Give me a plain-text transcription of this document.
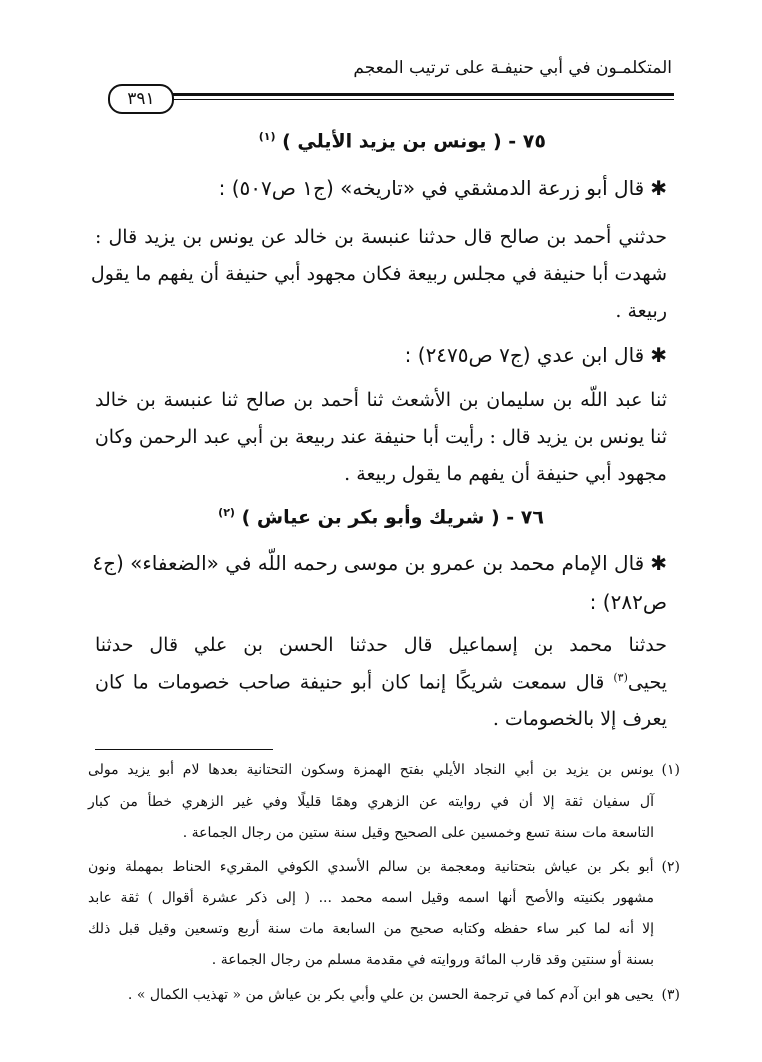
المتكلمـون في أبي حنيفـة على ترتيب المعجم
٣٩١
٧٥ - ( يونس بن يزيد الأيلي ) $^{(١)}$
✱قال أبو زرعة الدمشقي في «تاريخه» (ج١ ص٥٠٧) :
حدثني أحمد بن صالح قال حدثنا عنبسة بن خالد عن يونس بن يزيد قال :
شهدت أبا حنيفة في مجلس ربيعة فكان مجهود أبي حنيفة أن يفهم ما يقول
ربيعة .
✱قال ابن عدي (ج٧ ص٢٤٧٥) :
ثنا عبد اللّه بن سليمان بن الأشعث ثنا أحمد بن صالح ثنا عنبسة بن خالد
ثنا يونس بن يزيد قال : رأيت أبا حنيفة عند ربيعة بن أبي عبد الرحمن وكان
مجهود أبي حنيفة أن يفهم ما يقول ربيعة .
٧٦ - ( شريك وأبو بكر بن عياش ) $^{(٢)}$
✱قال الإمام محمد بن عمرو بن موسى رحمه اللّه في «الضعفاء» (ج٤
ص٢٨٢) :
حدثنا محمد بن إسماعيل قال حدثنا الحسن بن علي قال حدثنا
يحيى$^{(٣)}$ قال سمعت شريكًا إنما كان أبو حنيفة صاحب خصومات ما كان
يعرف إلا بالخصومات .
(١)يونس بن يزيد بن أبي النجاد الأيلي بفتح الهمزة وسكون التحتانية بعدها لام أبو يزيد مولى
آل سفيان ثقة إلا أن في روايته عن الزهري وهمًا قليلًا وفي غير الزهري خطأ من كبار
التاسعة مات سنة تسع وخمسين على الصحيح وقيل سنة ستين من رجال الجماعة .
(٢)أبو بكر بن عياش بتحتانية ومعجمة بن سالم الأسدي الكوفي المقريء الحناط بمهملة ونون
مشهور بكنيته والأصح أنها اسمه وقيل اسمه محمد ... ( إلى ذكر عشرة أقوال ) ثقة عابد
إلا أنه لما كبر ساء حفظه وكتابه صحيح من السابعة مات سنة أربع وتسعين وقيل قبل ذلك
بسنة أو سنتين وقد قارب المائة وروايته في مقدمة مسلم من رجال الجماعة .
(٣)يحيى هو ابن آدم كما في ترجمة الحسن بن علي وأبي بكر بن عياش من « تهذيب الكمال » .
